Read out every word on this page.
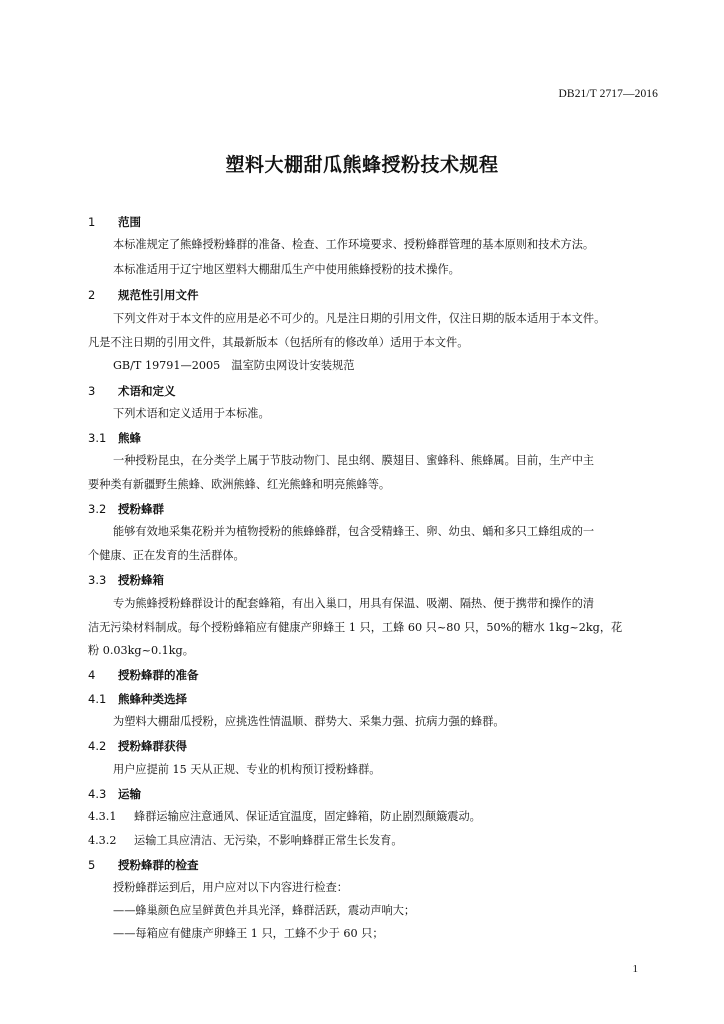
DB21/T 2717—2016
塑料大棚甜瓜熊蜂授粉技术规程
1 范围
本标准规定了熊蜂授粉蜂群的准备、检查、工作环境要求、授粉蜂群管理的基本原则和技术方法。
本标准适用于辽宁地区塑料大棚甜瓜生产中使用熊蜂授粉的技术操作。
2 规范性引用文件
下列文件对于本文件的应用是必不可少的。凡是注日期的引用文件，仅注日期的版本适用于本文件。
凡是不注日期的引用文件，其最新版本（包括所有的修改单）适用于本文件。
GB/T 19791—2005　温室防虫网设计安装规范
3 术语和定义
下列术语和定义适用于本标准。
3.1 熊蜂
一种授粉昆虫，在分类学上属于节肢动物门、昆虫纲、膜翅目、蜜蜂科、熊蜂属。目前，生产中主
要种类有新疆野生熊蜂、欧洲熊蜂、红光熊蜂和明亮熊蜂等。
3.2 授粉蜂群
能够有效地采集花粉并为植物授粉的熊蜂蜂群，包含受精蜂王、卵、幼虫、蛹和多只工蜂组成的一
个健康、正在发育的生活群体。
3.3 授粉蜂箱
专为熊蜂授粉蜂群设计的配套蜂箱，有出入巢口，用具有保温、吸潮、隔热、便于携带和操作的清
洁无污染材料制成。每个授粉蜂箱应有健康产卵蜂王 1 只，工蜂 60 只~80 只，50%的糖水 1kg~2kg，花
粉 0.03kg~0.1kg。
4 授粉蜂群的准备
4.1 熊蜂种类选择
为塑料大棚甜瓜授粉，应挑选性情温顺、群势大、采集力强、抗病力强的蜂群。
4.2 授粉蜂群获得
用户应提前 15 天从正规、专业的机构预订授粉蜂群。
4.3 运输
4.3.1 蜂群运输应注意通风、保证适宜温度，固定蜂箱，防止剧烈颠簸震动。
4.3.2 运输工具应清洁、无污染，不影响蜂群正常生长发育。
5 授粉蜂群的检查
授粉蜂群运到后，用户应对以下内容进行检查：
——蜂巢颜色应呈鲜黄色并具光泽，蜂群活跃，震动声响大；
——每箱应有健康产卵蜂王 1 只，工蜂不少于 60 只；
1
